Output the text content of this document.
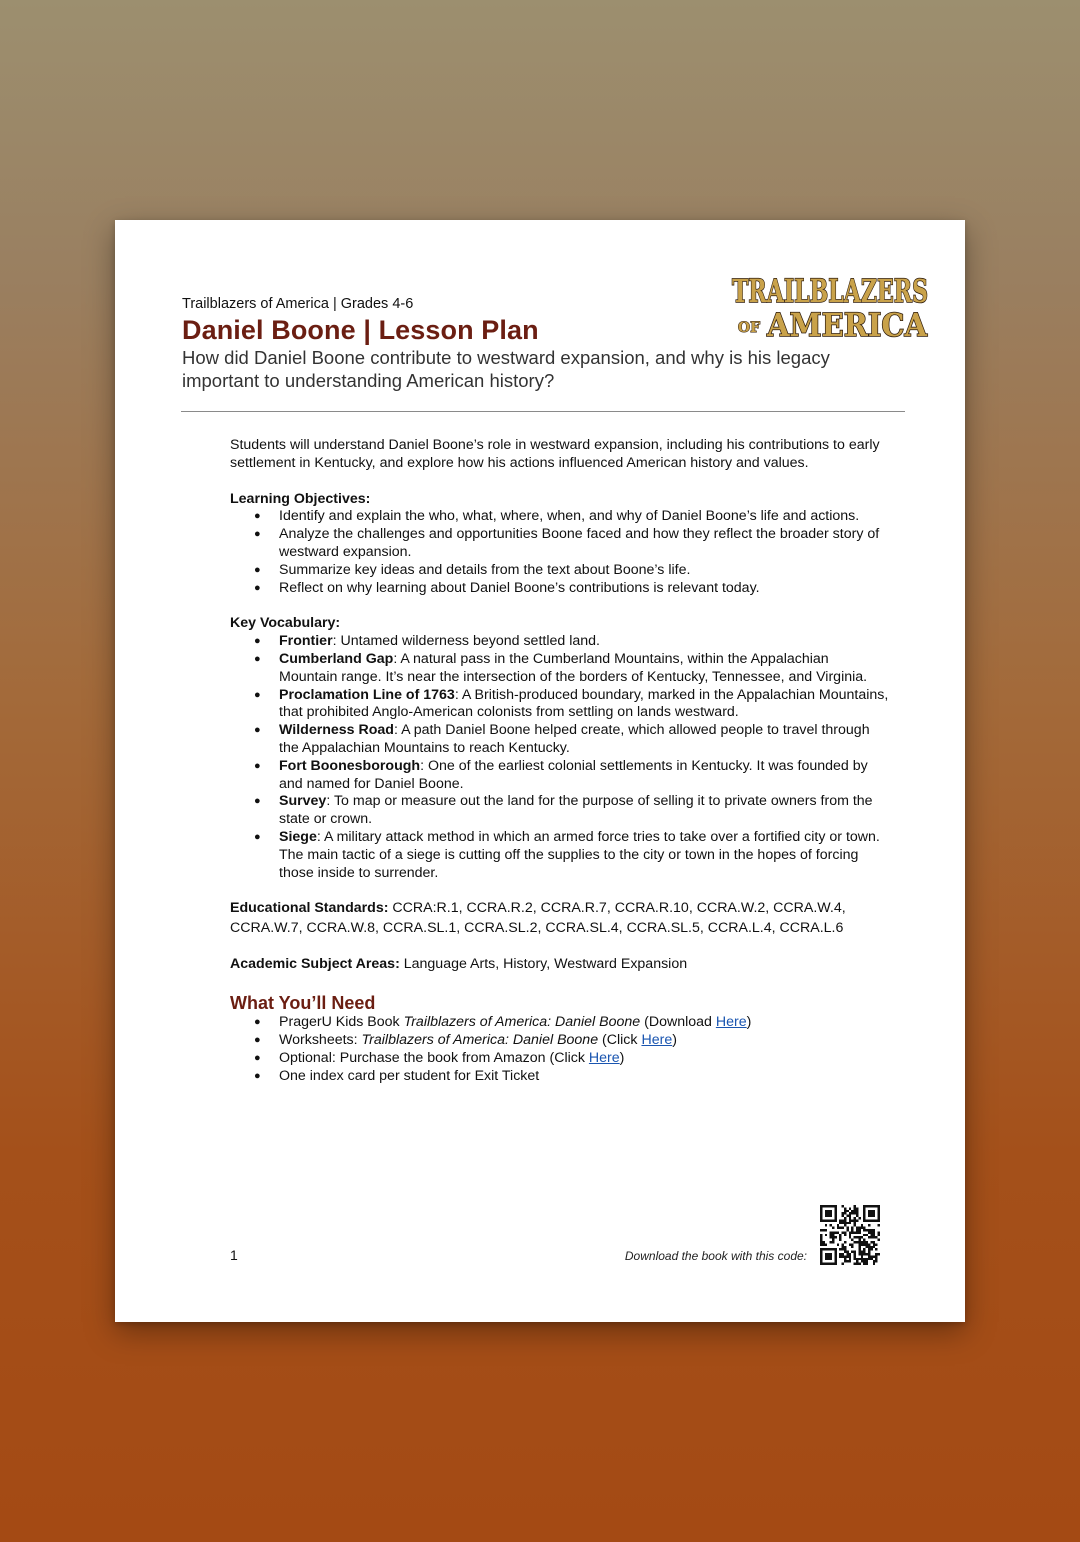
Trailblazers of America | Grades 4-6
Daniel Boone | Lesson Plan
How did Daniel Boone contribute to westward expansion, and why is his legacy important to understanding American history?
TRAILBLAZERS
OF AMERICA

Students will understand Daniel Boone’s role in westward expansion, including his contributions to early settlement in Kentucky, and explore how his actions influenced American history and values.

Learning Objectives:

● Identify and explain the who, what, where, when, and why of Daniel Boone’s life and actions.
● Analyze the challenges and opportunities Boone faced and how they reflect the broader story of westward expansion.
● Summarize key ideas and details from the text about Boone’s life.
● Reflect on why learning about Daniel Boone’s contributions is relevant today.

Key Vocabulary:

● Frontier: Untamed wilderness beyond settled land.
● Cumberland Gap: A natural pass in the Cumberland Mountains, within the Appalachian Mountain range. It’s near the intersection of the borders of Kentucky, Tennessee, and Virginia.
● Proclamation Line of 1763: A British-produced boundary, marked in the Appalachian Mountains, that prohibited Anglo-American colonists from settling on lands westward.
● Wilderness Road: A path Daniel Boone helped create, which allowed people to travel through the Appalachian Mountains to reach Kentucky.
● Fort Boonesborough: One of the earliest colonial settlements in Kentucky. It was founded by and named for Daniel Boone.
● Survey: To map or measure out the land for the purpose of selling it to private owners from the state or crown.
● Siege: A military attack method in which an armed force tries to take over a fortified city or town. The main tactic of a siege is cutting off the supplies to the city or town in the hopes of forcing those inside to surrender.

Educational Standards: CCRA:R.1, CCRA.R.2, CCRA.R.7, CCRA.R.10, CCRA.W.2, CCRA.W.4, CCRA.W.7, CCRA.W.8, CCRA.SL.1, CCRA.SL.2, CCRA.SL.4, CCRA.SL.5, CCRA.L.4, CCRA.L.6

Academic Subject Areas: Language Arts, History, Westward Expansion

What You’ll Need

● PragerU Kids Book Trailblazers of America: Daniel Boone (Download Here)
● Worksheets: Trailblazers of America: Daniel Boone (Click Here)
● Optional: Purchase the book from Amazon (Click Here)
● One index card per student for Exit Ticket
1	Download the book with this code:
